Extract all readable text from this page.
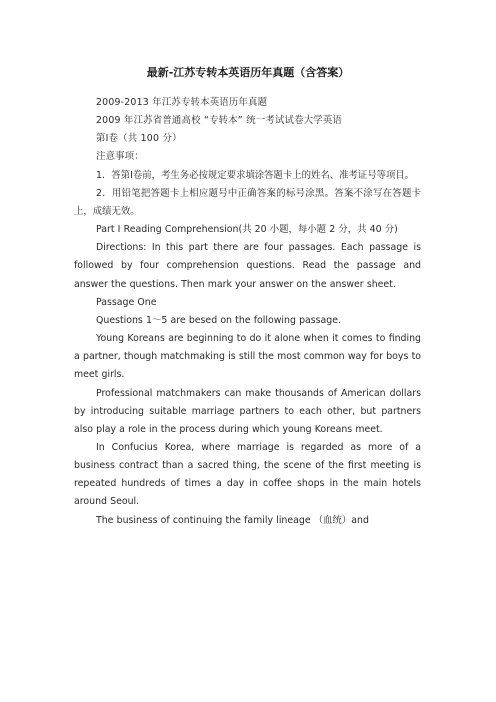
最新-江苏专转本英语历年真题（含答案）

2009-2013 年江苏专转本英语历年真题

2009 年江苏省普通高校 “专转本” 统一考试试卷大学英语

第Ⅰ卷（共 100 分）

注意事项：

1．答第Ⅰ卷前，考生务必按规定要求填涂答题卡上的姓名、准考证号等项目。

2．用铅笔把答题卡上相应题号中正确答案的标号涂黑。答案不涂写在答题卡上，成绩无效。

Part Ⅰ Reading Comprehension(共 20 小题，每小题 2 分，共 40 分)

Directions: In this part there are four passages. Each passage is followed by four comprehension questions. Read the passage and answer the questions. Then mark your answer on the answer sheet.

Passage One

Questions 1～5 are besed on the following passage.

Young Koreans are beginning to do it alone when it comes to finding a partner, though matchmaking is still the most common way for boys to meet girls.

Professional matchmakers can make thousands of American dollars by introducing suitable marriage partners to each other, but partners also play a role in the process during which young Koreans meet.

In Confucius Korea, where marriage is regarded as more of a business contract than a sacred thing, the scene of the first meeting is repeated hundreds of times a day in coffee shops in the main hotels around Seoul.

The business of continuing the family lineage （血统）and
